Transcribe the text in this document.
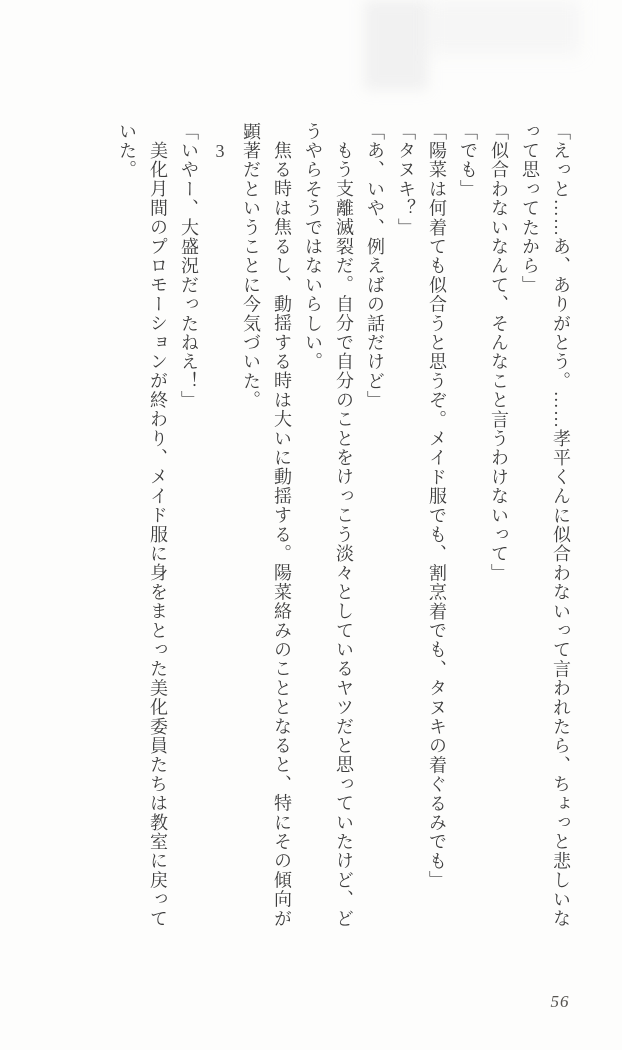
「えっと……あ、ありがとう。……孝平くんに似合わないって言われたら、ちょっと悲しいなって思ってたから」

「似合わないなんて、そんなこと言うわけないって」

「でも」

「陽菜は何着ても似合うと思うぞ。メイド服でも、割烹着でも、タヌキの着ぐるみでも」

「タヌキ？」

「あ、いや、例えばの話だけど」

もう支離滅裂だ。自分で自分のことをけっこう淡々としているヤツだと思っていたけど、どうやらそうではないらしい。

焦る時は焦るし、動揺する時は大いに動揺する。陽菜絡みのこととなると、特にその傾向が顕著だということに今気づいた。

3

「いやー、大盛況だったねえ！」

美化月間のプロモーションが終わり、メイド服に身をまとった美化委員たちは教室に戻っていた。

56
